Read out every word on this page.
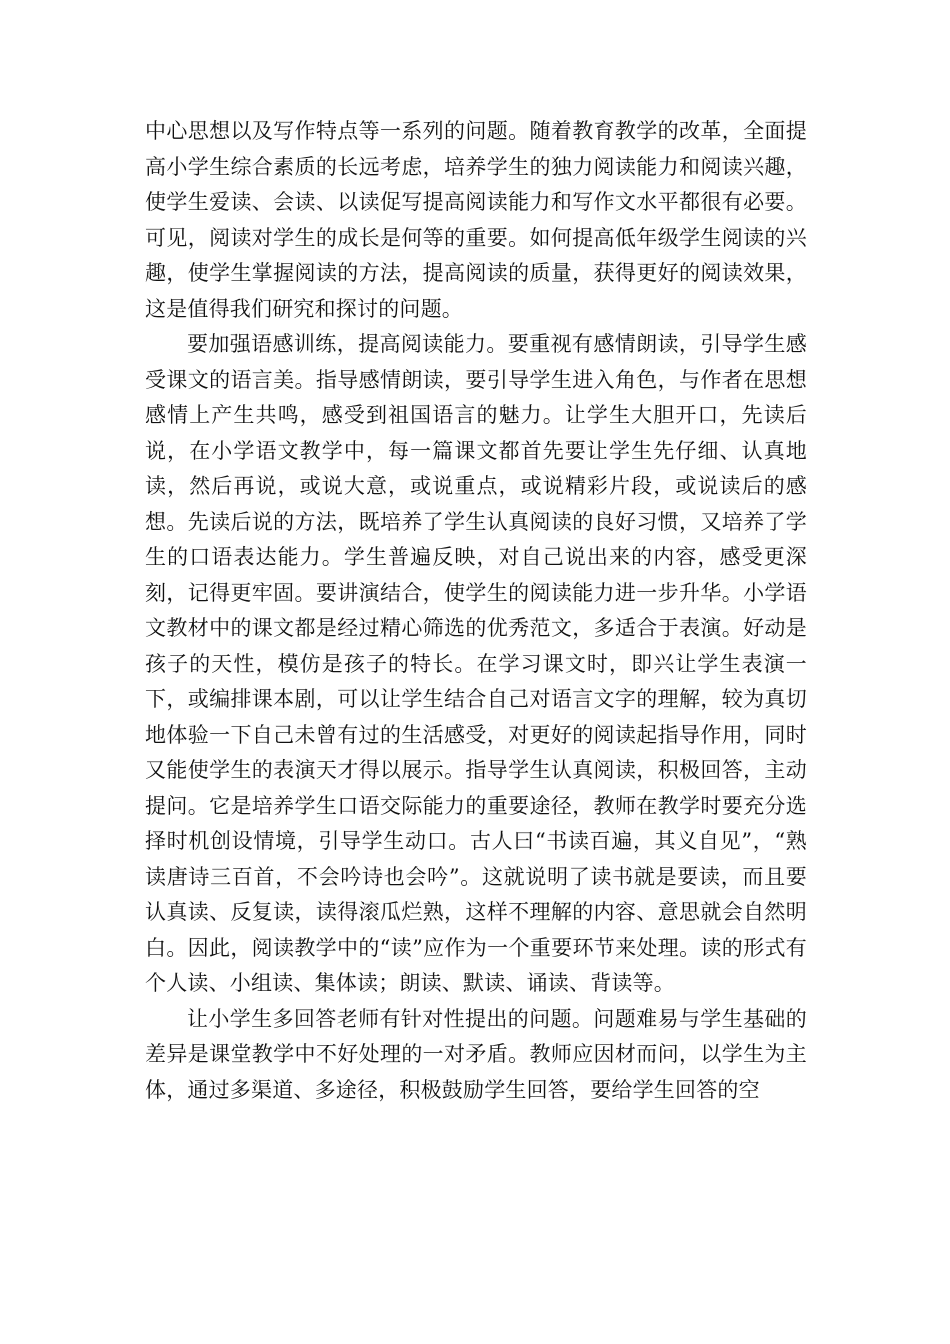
中心思想以及写作特点等一系列的问题。随着教育教学的改革，全面提高小学生综合素质的长远考虑，培养学生的独力阅读能力和阅读兴趣，使学生爱读、会读、以读促写提高阅读能力和写作文水平都很有必要。可见，阅读对学生的成长是何等的重要。如何提高低年级学生阅读的兴趣，使学生掌握阅读的方法，提高阅读的质量，获得更好的阅读效果，这是值得我们研究和探讨的问题。

要加强语感训练，提高阅读能力。要重视有感情朗读，引导学生感受课文的语言美。指导感情朗读，要引导学生进入角色，与作者在思想感情上产生共鸣，感受到祖国语言的魅力。让学生大胆开口，先读后说，在小学语文教学中，每一篇课文都首先要让学生先仔细、认真地读，然后再说，或说大意，或说重点，或说精彩片段，或说读后的感想。先读后说的方法，既培养了学生认真阅读的良好习惯，又培养了学生的口语表达能力。学生普遍反映，对自己说出来的内容，感受更深刻，记得更牢固。要讲演结合，使学生的阅读能力进一步升华。小学语文教材中的课文都是经过精心筛选的优秀范文，多适合于表演。好动是孩子的天性，模仿是孩子的特长。在学习课文时，即兴让学生表演一下，或编排课本剧，可以让学生结合自己对语言文字的理解，较为真切地体验一下自己未曾有过的生活感受，对更好的阅读起指导作用，同时又能使学生的表演天才得以展示。指导学生认真阅读，积极回答，主动提问。它是培养学生口语交际能力的重要途径，教师在教学时要充分选择时机创设情境，引导学生动口。古人曰“书读百遍，其义自见”，“熟读唐诗三百首，不会吟诗也会吟”。这就说明了读书就是要读，而且要认真读、反复读，读得滚瓜烂熟，这样不理解的内容、意思就会自然明白。因此，阅读教学中的“读”应作为一个重要环节来处理。读的形式有个人读、小组读、集体读；朗读、默读、诵读、背读等。

让小学生多回答老师有针对性提出的问题。问题难易与学生基础的差异是课堂教学中不好处理的一对矛盾。教师应因材而问，以学生为主体，通过多渠道、多途径，积极鼓励学生回答，要给学生回答的空
